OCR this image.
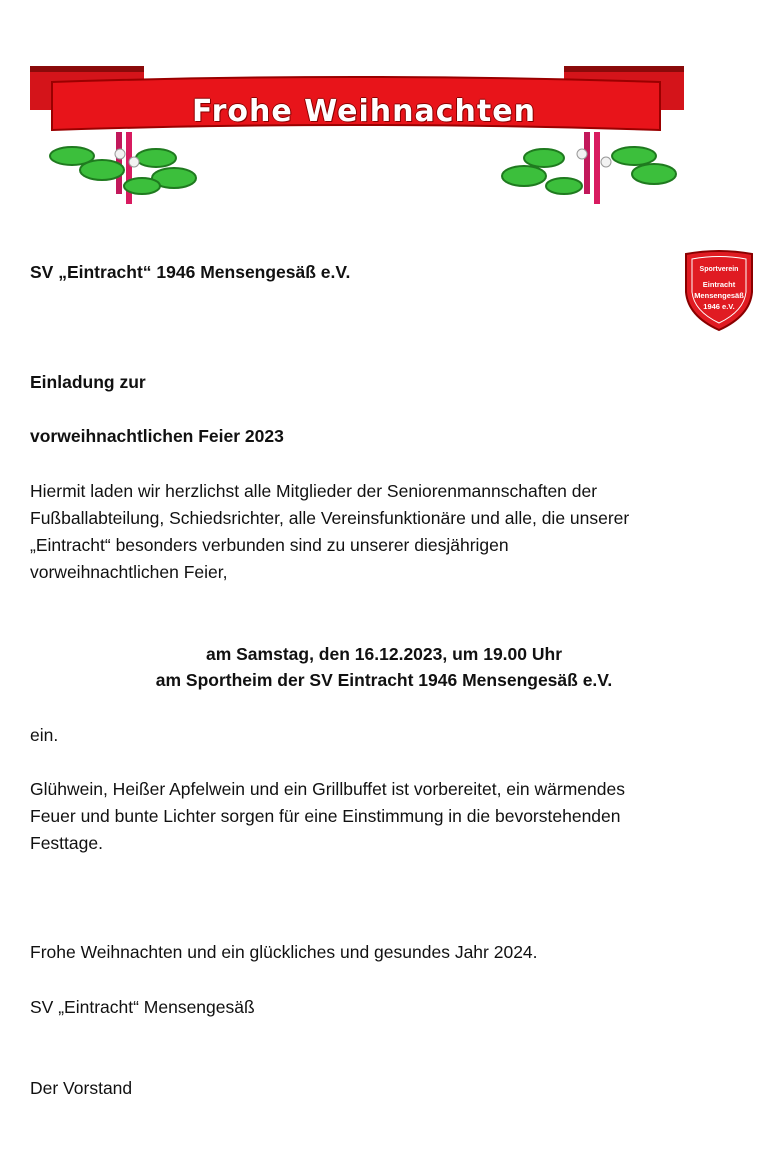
Frohe Weihnachten
Sportverein
Eintracht
Mensengesäß
1946 e.V.
SV „Eintracht“ 1946 Mensengesäß e.V.
Einladung zur
vorweihnachtlichen Feier 2023
Hiermit laden wir herzlichst alle Mitglieder der Seniorenmannschaften der
Fußballabteilung, Schiedsrichter, alle Vereinsfunktionäre und alle, die unserer
„Eintracht“ besonders verbunden sind zu unserer diesjährigen
vorweihnachtlichen Feier,
am Samstag, den 16.12.2023, um 19.00 Uhr
am Sportheim der SV Eintracht 1946 Mensengesäß e.V.
ein.
Glühwein, Heißer Apfelwein und ein Grillbuffet ist vorbereitet, ein wärmendes
Feuer und bunte Lichter sorgen für eine Einstimmung in die bevorstehenden
Festtage.
Frohe Weihnachten und ein glückliches und gesundes Jahr 2024.
SV „Eintracht“ Mensengesäß
Der Vorstand
